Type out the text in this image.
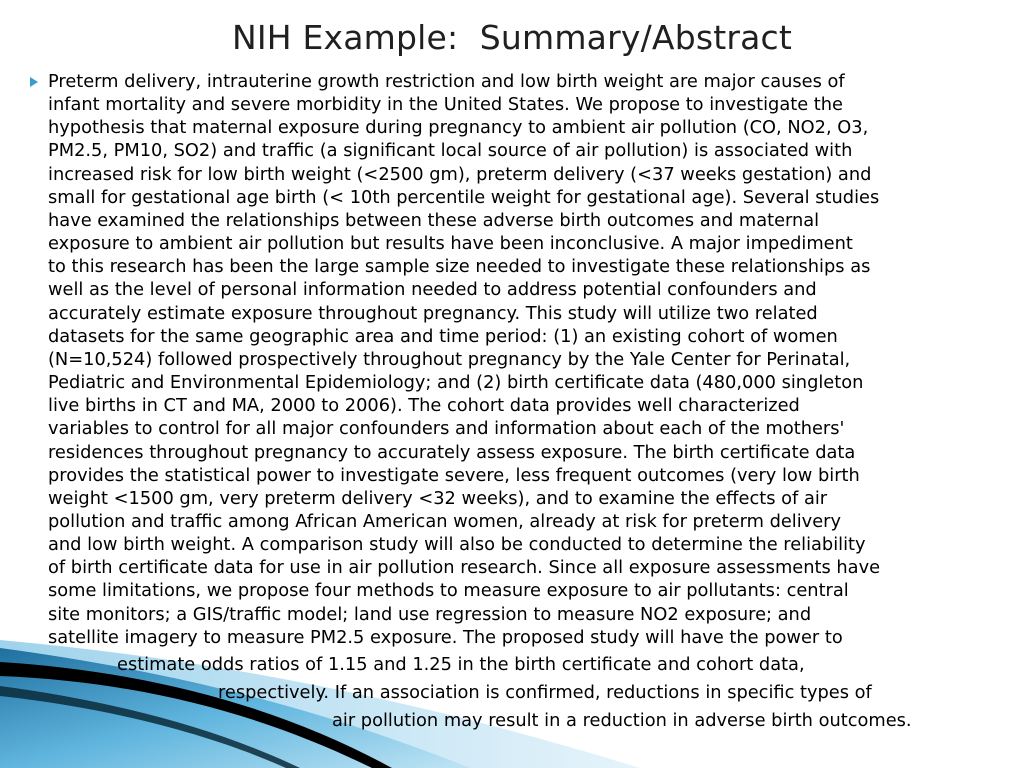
NIH Example:  Summary/Abstract
Preterm delivery, intrauterine growth restriction and low birth weight are major causes of
infant mortality and severe morbidity in the United States. We propose to investigate the
hypothesis that maternal exposure during pregnancy to ambient air pollution (CO, NO2, O3,
PM2.5, PM10, SO2) and traffic (a significant local source of air pollution) is associated with
increased risk for low birth weight (<2500 gm), preterm delivery (<37 weeks gestation) and
small for gestational age birth (< 10th percentile weight for gestational age). Several studies
have examined the relationships between these adverse birth outcomes and maternal
exposure to ambient air pollution but results have been inconclusive. A major impediment
to this research has been the large sample size needed to investigate these relationships as
well as the level of personal information needed to address potential confounders and
accurately estimate exposure throughout pregnancy. This study will utilize two related
datasets for the same geographic area and time period: (1) an existing cohort of women
(N=10,524) followed prospectively throughout pregnancy by the Yale Center for Perinatal,
Pediatric and Environmental Epidemiology; and (2) birth certificate data (480,000 singleton
live births in CT and MA, 2000 to 2006). The cohort data provides well characterized
variables to control for all major confounders and information about each of the mothers'
residences throughout pregnancy to accurately assess exposure. The birth certificate data
provides the statistical power to investigate severe, less frequent outcomes (very low birth
weight <1500 gm, very preterm delivery <32 weeks), and to examine the effects of air
pollution and traffic among African American women, already at risk for preterm delivery
and low birth weight. A comparison study will also be conducted to determine the reliability
of birth certificate data for use in air pollution research. Since all exposure assessments have
some limitations, we propose four methods to measure exposure to air pollutants: central
site monitors; a GIS/traffic model; land use regression to measure NO2 exposure; and
satellite imagery to measure PM2.5 exposure. The proposed study will have the power to
estimate odds ratios of 1.15 and 1.25 in the birth certificate and cohort data,
respectively. If an association is confirmed, reductions in specific types of
air pollution may result in a reduction in adverse birth outcomes.
